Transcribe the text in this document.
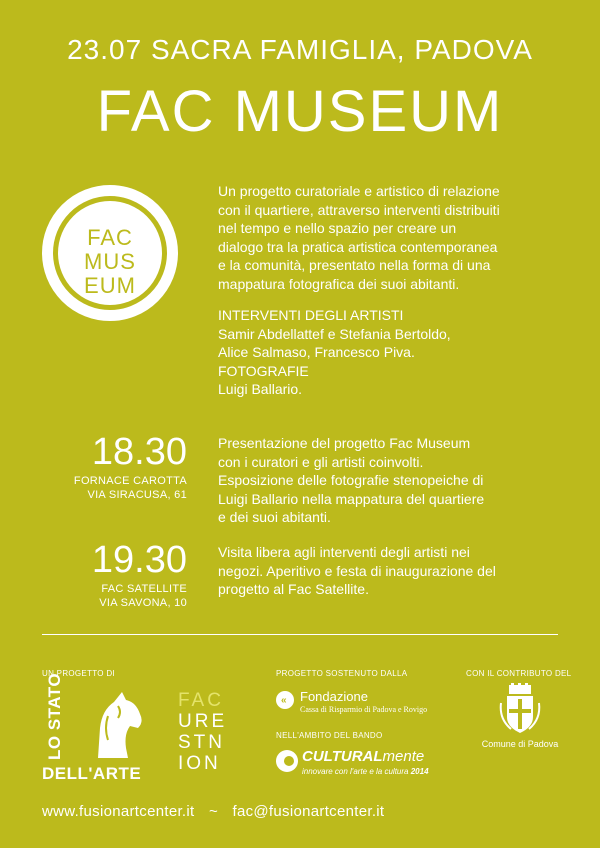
23.07 SACRA FAMIGLIA, PADOVA
FAC MUSEUM
FAC
MUS
EUM
Un progetto curatoriale e artistico di relazione
con il quartiere, attraverso interventi distribuiti
nel tempo e nello spazio per creare un
dialogo tra la pratica artistica contemporanea
e la comunità, presentato nella forma di una
mappatura fotografica dei suoi abitanti.
INTERVENTI DEGLI ARTISTI
Samir Abdellattef e Stefania Bertoldo,
Alice Salmaso, Francesco Piva.
FOTOGRAFIE
Luigi Ballario.
18.30
FORNACE CAROTTA
VIA SIRACUSA, 61
Presentazione del progetto Fac Museum
con i curatori e gli artisti coinvolti.
Esposizione delle fotografie stenopeiche di
Luigi Ballario nella mappatura del quartiere
e dei suoi abitanti.
19.30
FAC SATELLITE
VIA SAVONA, 10
Visita libera agli interventi degli artisti nei
negozi. Aperitivo e festa di inaugurazione del
progetto al Fac Satellite.
UN PROGETTO DI
LO STATO
DELL'ARTE
FAC
URE
STN
ION
PROGETTO SOSTENUTO DALLA
« Fondazione
Cassa di Risparmio di Padova e Rovigo
NELL'AMBITO DEL BANDO
CULTURALmente
innovare con l'arte e la cultura 2014
CON IL CONTRIBUTO DEL
Comune di Padova
www.fusionartcenter.it ~ fac@fusionartcenter.it
